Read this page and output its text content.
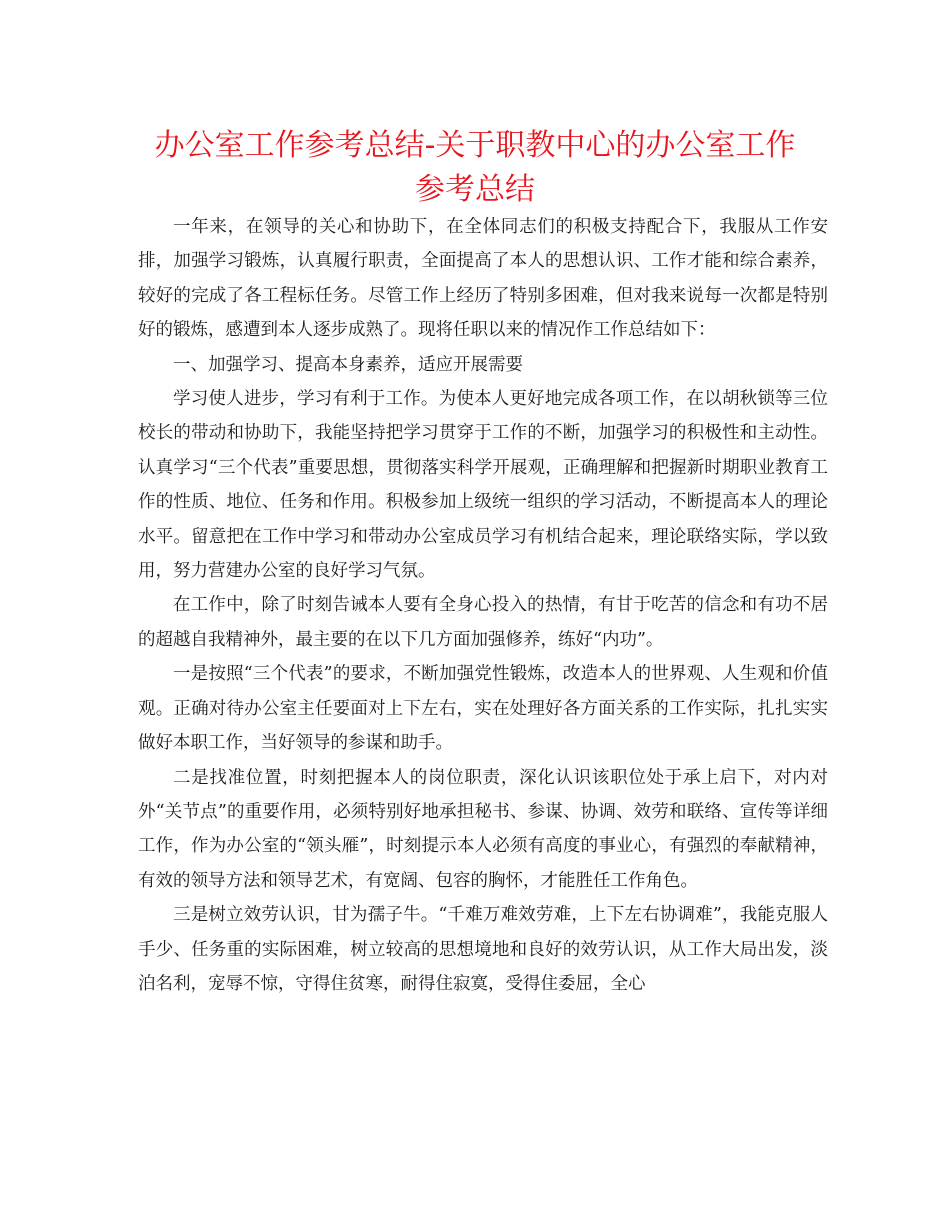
办公室工作参考总结-关于职教中心的办公室工作
参考总结

一年来，在领导的关心和协助下，在全体同志们的积极支持配合下，我服从工作安排，加强学习锻炼，认真履行职责，全面提高了本人的思想认识、工作才能和综合素养，较好的完成了各工程标任务。尽管工作上经历了特别多困难，但对我来说每一次都是特别好的锻炼，感遭到本人逐步成熟了。现将任职以来的情况作工作总结如下：

一、加强学习、提高本身素养，适应开展需要

学习使人进步，学习有利于工作。为使本人更好地完成各项工作，在以胡秋锁等三位校长的带动和协助下，我能坚持把学习贯穿于工作的不断，加强学习的积极性和主动性。认真学习“三个代表”重要思想，贯彻落实科学开展观，正确理解和把握新时期职业教育工作的性质、地位、任务和作用。积极参加上级统一组织的学习活动，不断提高本人的理论水平。留意把在工作中学习和带动办公室成员学习有机结合起来，理论联络实际，学以致用，努力营建办公室的良好学习气氛。

在工作中，除了时刻告诫本人要有全身心投入的热情，有甘于吃苦的信念和有功不居的超越自我精神外，最主要的在以下几方面加强修养，练好“内功”。

一是按照“三个代表”的要求，不断加强党性锻炼，改造本人的世界观、人生观和价值观。正确对待办公室主任要面对上下左右，实在处理好各方面关系的工作实际，扎扎实实做好本职工作，当好领导的参谋和助手。

二是找准位置，时刻把握本人的岗位职责，深化认识该职位处于承上启下，对内对外“关节点”的重要作用，必须特别好地承担秘书、参谋、协调、效劳和联络、宣传等详细工作，作为办公室的“领头雁”，时刻提示本人必须有高度的事业心，有强烈的奉献精神，有效的领导方法和领导艺术，有宽阔、包容的胸怀，才能胜任工作角色。

三是树立效劳认识，甘为孺子牛。“千难万难效劳难，上下左右协调难”，我能克服人手少、任务重的实际困难，树立较高的思想境地和良好的效劳认识，从工作大局出发，淡泊名利，宠辱不惊，守得住贫寒，耐得住寂寞，受得住委屈，全心
